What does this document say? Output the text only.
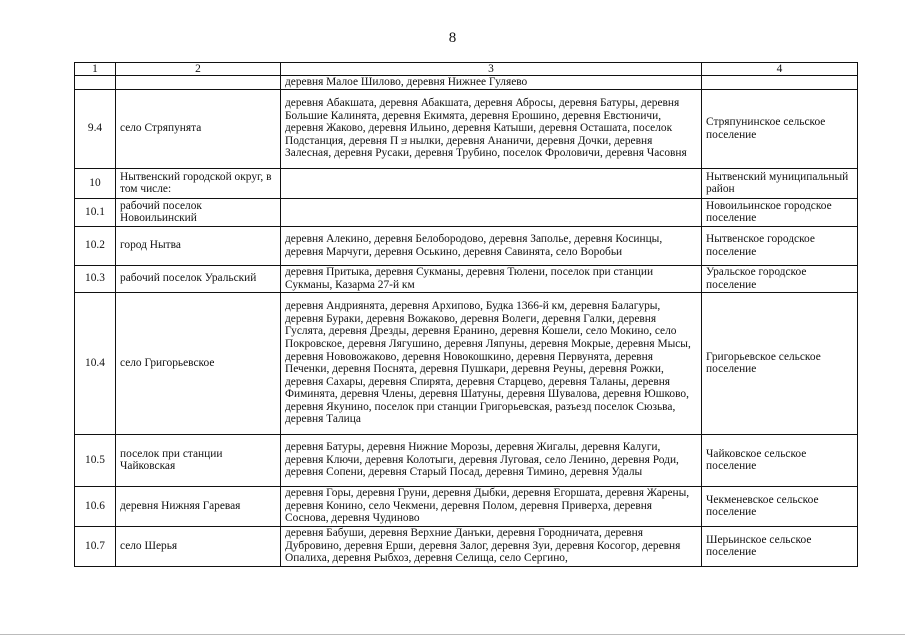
8
1	2	3	4
		деревня Малое Шилово, деревня Нижнее Гуляево	
9.4	село Стряпунята	деревня Абакшата, деревня Абакшата, деревня Абросы, деревня Батуры, деревня Большие Калинята, деревня Екимята, деревня Ерошино, деревня Евстюничи, деревня Жаково, деревня Ильино, деревня Катыши, деревня Осташата, поселок Подстанция, деревня Пョнылки, деревня Ананичи, деревня Дочки, деревня Залесная, деревня Русаки, деревня Трубино, поселок Фроловичи, деревня Часовня	Стряпунинское сельское поселение
10	Нытвенский городской округ, в том числе:		Нытвенский муниципальный район
10.1	рабочий поселок Новоильинский		Новоильинское городское поселение
10.2	город Нытва	деревня Алекино, деревня Белобородово, деревня Заполье, деревня Косинцы, деревня Марчуги, деревня Оськино, деревня Савинята, село Воробьи	Нытвенское городское поселение
10.3	рабочий поселок Уральский	деревня Притыка, деревня Сукманы, деревня Тюлени, поселок при станции Сукманы, Казарма 27-й км	Уральское городское поселение
10.4	село Григорьевское	деревня Андриянята, деревня Архипово, Будка 1366-й км, деревня Балагуры, деревня Бураки, деревня Вожаково, деревня Волеги, деревня Галки, деревня Гуслята, деревня Дрезды, деревня Еранино, деревня Кошели, село Мокино, село Покровское, деревня Лягушино, деревня Ляпуны, деревня Мокрые, деревня Мысы, деревня Нововожаково, деревня Новокошкино, деревня Первунята, деревня Печенки, деревня Поснята, деревня Пушкари, деревня Реуны, деревня Рожки, деревня Сахары, деревня Спирята, деревня Старцево, деревня Таланы, деревня Фиминята, деревня Члены, деревня Шатуны, деревня Шувалова, деревня Юшково, деревня Якунино, поселок при станции Григорьевская, разъезд поселок Сюзьва, деревня Талица	Григорьевское сельское поселение
10.5	поселок при станции Чайковская	деревня Батуры, деревня Нижние Морозы, деревня Жигалы, деревня Калуги, деревня Ключи, деревня Колотыги, деревня Луговая, село Ленино, деревня Роди, деревня Сопени, деревня Старый Посад, деревня Тимино, деревня Удалы	Чайковское сельское поселение
10.6	деревня Нижняя Гаревая	деревня Горы, деревня Груни, деревня Дыбки, деревня Егоршата, деревня Жарены, деревня Конино, село Чекмени, деревня Полом, деревня Приверха, деревня Соснова, деревня Чудиново	Чекменевское сельское поселение
10.7	село Шерья	деревня Бабуши, деревня Верхние Данъки, деревня Городничата, деревня Дубровино, деревня Ерши, деревня Залог, деревня Зуи, деревня Косогор, деревня Опалиха, деревня Рыбхоз, деревня Селища, село Сергино,	Шерьинское сельское поселение
